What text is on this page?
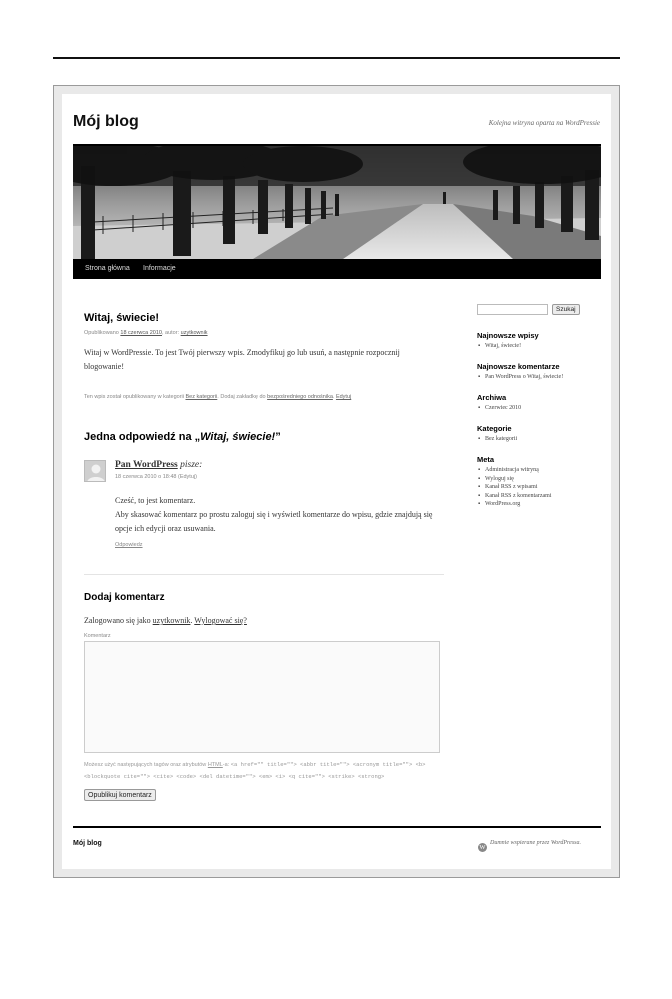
Mój blog	Kolejna witryna oparta na WordPressie
Strona główna Informacje
Witaj, świecie!
Opublikowano 18 czerwca 2010, autor: uzytkownik

Witaj w WordPressie. To jest Twój pierwszy wpis. Zmodyfikuj go lub usuń, a następnie rozpocznij blogowanie!

Ten wpis został opublikowany w kategorii Bez kategorii. Dodaj zakładkę do bezpośredniego odnośnika. Edytuj
Jedna odpowiedź na „Witaj, świecie!”
Pan WordPress pisze:
18 czerwca 2010 o 18:48 (Edytuj)

Cześć, to jest komentarz.

Aby skasować komentarz po prostu zaloguj się i wyświetl komentarze do wpisu, gdzie znajdują się opcje ich edycji oraz usuwania.

Odpowiedz
Dodaj komentarz

Zalogowano się jako uzytkownik. Wylogować się?

Komentarz

Możesz użyć następujących tagów oraz atrybutów HTML-a: <a href="" title=""> <abbr title=""> <acronym title=""> <b> <blockquote cite=""> <cite> <code> <del datetime=""> <em> <i> <q cite=""> <strike> <strong>

Opublikuj komentarz
Szukaj
Najnowsze wpisy
▪ Witaj, świecie!
Najnowsze komentarze
▪ Pan WordPress o Witaj, świecie!
Archiwa
▪ Czerwiec 2010
Kategorie
▪ Bez kategorii
Meta
▪ Administracja witryną
▪ Wyloguj się
▪ Kanał RSS z wpisami
▪ Kanał RSS z komentarzami
▪ WordPress.org
Mój blog
W
Dumnie wspierane przez WordPressa.
